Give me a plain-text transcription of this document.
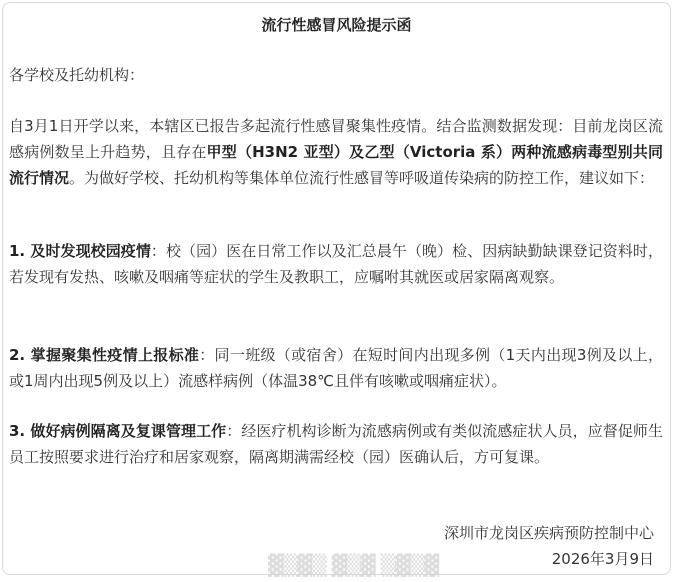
流行性感冒风险提示函
各学校及托幼机构：
自3月1日开学以来，本辖区已报告多起流行性感冒聚集性疫情。结合监测数据发现：目前龙岗区流感病例数呈上升趋势，且存在甲型（H3N2 亚型）及乙型（Victoria 系）两种流感病毒型别共同流行情况。为做好学校、托幼机构等集体单位流行性感冒等呼吸道传染病的防控工作，建议如下：
1. 及时发现校园疫情：校（园）医在日常工作以及汇总晨午（晚）检、因病缺勤缺课登记资料时，若发现有发热、咳嗽及咽痛等症状的学生及教职工，应嘱咐其就医或居家隔离观察。
2. 掌握聚集性疫情上报标准：同一班级（或宿舍）在短时间内出现多例（1天内出现3例及以上，或1周内出现5例及以上）流感样病例（体温38℃且伴有咳嗽或咽痛症状）。
3. 做好病例隔离及复课管理工作：经医疗机构诊断为流感病例或有类似流感症状人员，应督促师生员工按照要求进行治疗和居家观察，隔离期满需经校（园）医确认后，方可复课。
▓▒▓▒ ▓▒▓ ▒▓▒▓
深圳市龙岗区疾病预防控制中心
2026年3月9日
